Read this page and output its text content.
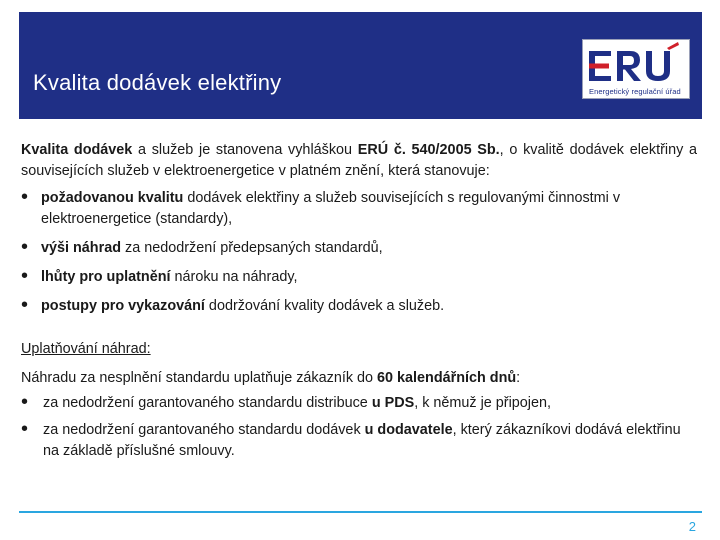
Kvalita dodávek elektřiny	Energetický regulační úřad

Kvalita dodávek a služeb je stanovena vyhláškou ERÚ č. 540/2005 Sb., o kvalitě dodávek elektřiny a souvisejících služeb v elektroenergetice v platném znění, která stanovuje:

• požadovanou kvalitu dodávek elektřiny a služeb souvisejících s regulovanými činnostmi v elektroenergetice (standardy),
• výši náhrad za nedodržení předepsaných standardů,
• lhůty pro uplatnění nároku na náhrady,
• postupy pro vykazování dodržování kvality dodávek a služeb.
Uplatňování náhrad:
Náhradu za nesplnění standardu uplatňuje zákazník do 60 kalendářních dnů:
• za nedodržení garantovaného standardu distribuce u PDS, k němuž je připojen,
• za nedodržení garantovaného standardu dodávek u dodavatele, který zákazníkovi dodává elektřinu na základě příslušné smlouvy.
2
